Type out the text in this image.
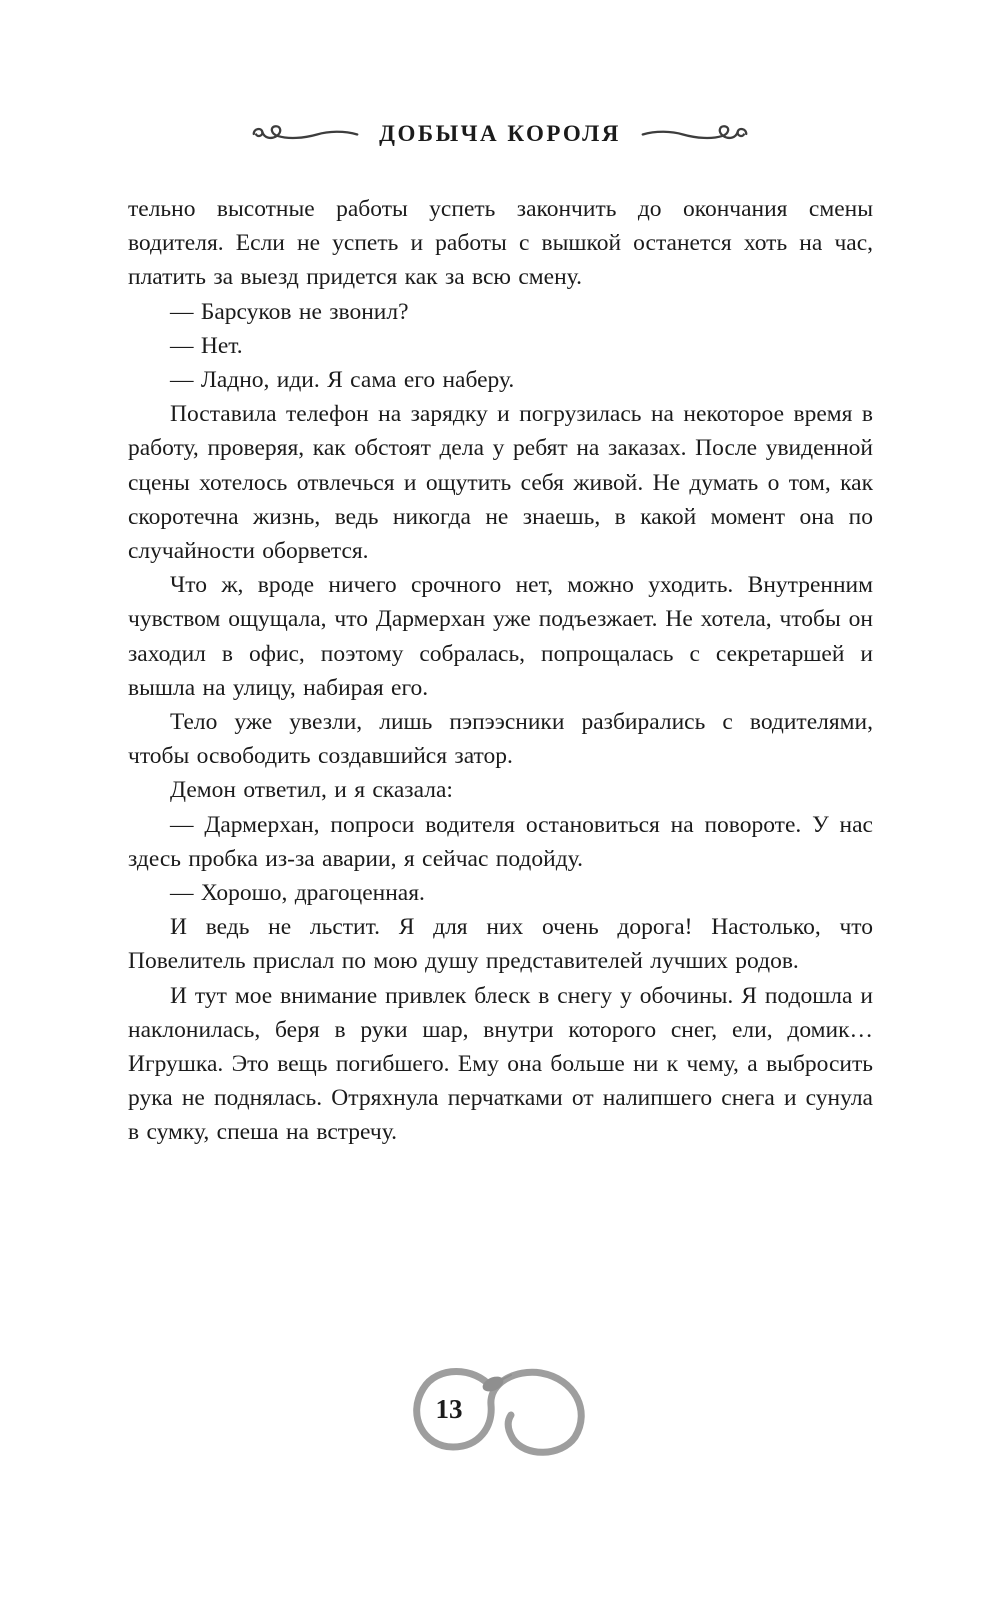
ДОБЫЧА КОРОЛЯ

тельно высотные работы успеть закончить до окончания смены водителя. Если не успеть и работы с вышкой останется хоть на час, платить за выезд придется как за всю смену.

— Барсуков не звонил?

— Нет.

— Ладно, иди. Я сама его наберу.

Поставила телефон на зарядку и погрузилась на некоторое время в работу, проверяя, как обстоят дела у ребят на заказах. После увиденной сцены хотелось отвлечься и ощутить себя живой. Не думать о том, как скоротечна жизнь, ведь никогда не знаешь, в какой момент она по случайности оборвется.

Что ж, вроде ничего срочного нет, можно уходить. Внутренним чувством ощущала, что Дармерхан уже подъезжает. Не хотела, чтобы он заходил в офис, поэтому собралась, попрощалась с секретаршей и вышла на улицу, набирая его.

Тело уже увезли, лишь пэпээсники разбирались с водителями, чтобы освободить создавшийся затор.

Демон ответил, и я сказала:

— Дармерхан, попроси водителя остановиться на повороте. У нас здесь пробка из-за аварии, я сейчас подойду.

— Хорошо, драгоценная.

И ведь не льстит. Я для них очень дорога! Настолько, что Повелитель прислал по мою душу представителей лучших родов.

И тут мое внимание привлек блеск в снегу у обочины. Я подошла и наклонилась, беря в руки шар, внутри которого снег, ели, домик… Игрушка. Это вещь погибшего. Ему она больше ни к чему, а выбросить рука не поднялась. Отряхнула перчатками от налипшего снега и сунула в сумку, спеша на встречу.

13
